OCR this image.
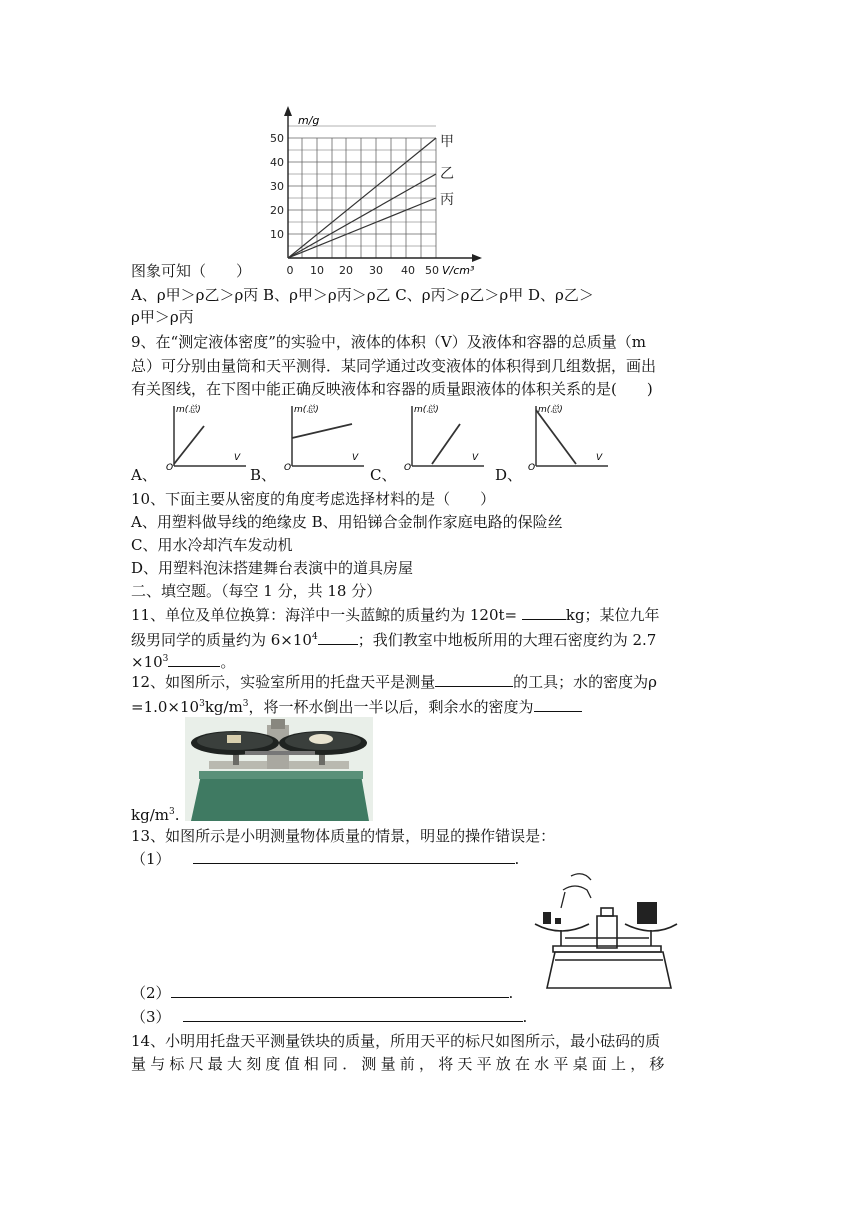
m/g
V/cm³
50
40
30
20
10
0 10 20 30 40 50
甲
乙
丙
图象可知（　　）
A、ρ甲＞ρ乙＞ρ丙 B、ρ甲＞ρ丙＞ρ乙 C、ρ丙＞ρ乙＞ρ甲 D、ρ乙＞
ρ甲＞ρ丙
9、在“测定液体密度”的实验中，液体的体积（V）及液体和容器的总质量（m
总）可分别由量筒和天平测得．某同学通过改变液体的体积得到几组数据，画出
有关图线，在下图中能正确反映液体和容器的质量跟液体的体积关系的是(　　)
A、
m(总)
V
O	B、
m(总)
V
O	C、
m(总)
V
O	D、
m(总)
V
O
10、下面主要从密度的角度考虑选择材料的是（　　）
A、用塑料做导线的绝缘皮 B、用铅锑合金制作家庭电路的保险丝
C、用水冷却汽车发动机
D、用塑料泡沫搭建舞台表演中的道具房屋
二、填空题。（每空 1 分，共 18 分）
11、单位及单位换算：海洋中一头蓝鲸的质量约为 120t=	kg；某位九年
级男同学的质量约为 $6\times 10^4$	；我们教室中地板所用的大理石密度约为 2.7
$\times 10^3$	。
12、如图所示，实验室所用的托盘天平是测量	的工具；水的密度为ρ
$=1.0\times 10^3kg/m^3$，将一杯水倒出一半以后，剩余水的密度为
$kg/m^3$.
13、如图所示是小明测量物体质量的情景，明显的操作错误是：
（1）	.
（2）	.
（3）	.
14、小明用托盘天平测量铁块的质量，所用天平的标尺如图所示，最小砝码的质
量与标尺最大刻度值相同．测量前，将天平放在水平桌面上，移
